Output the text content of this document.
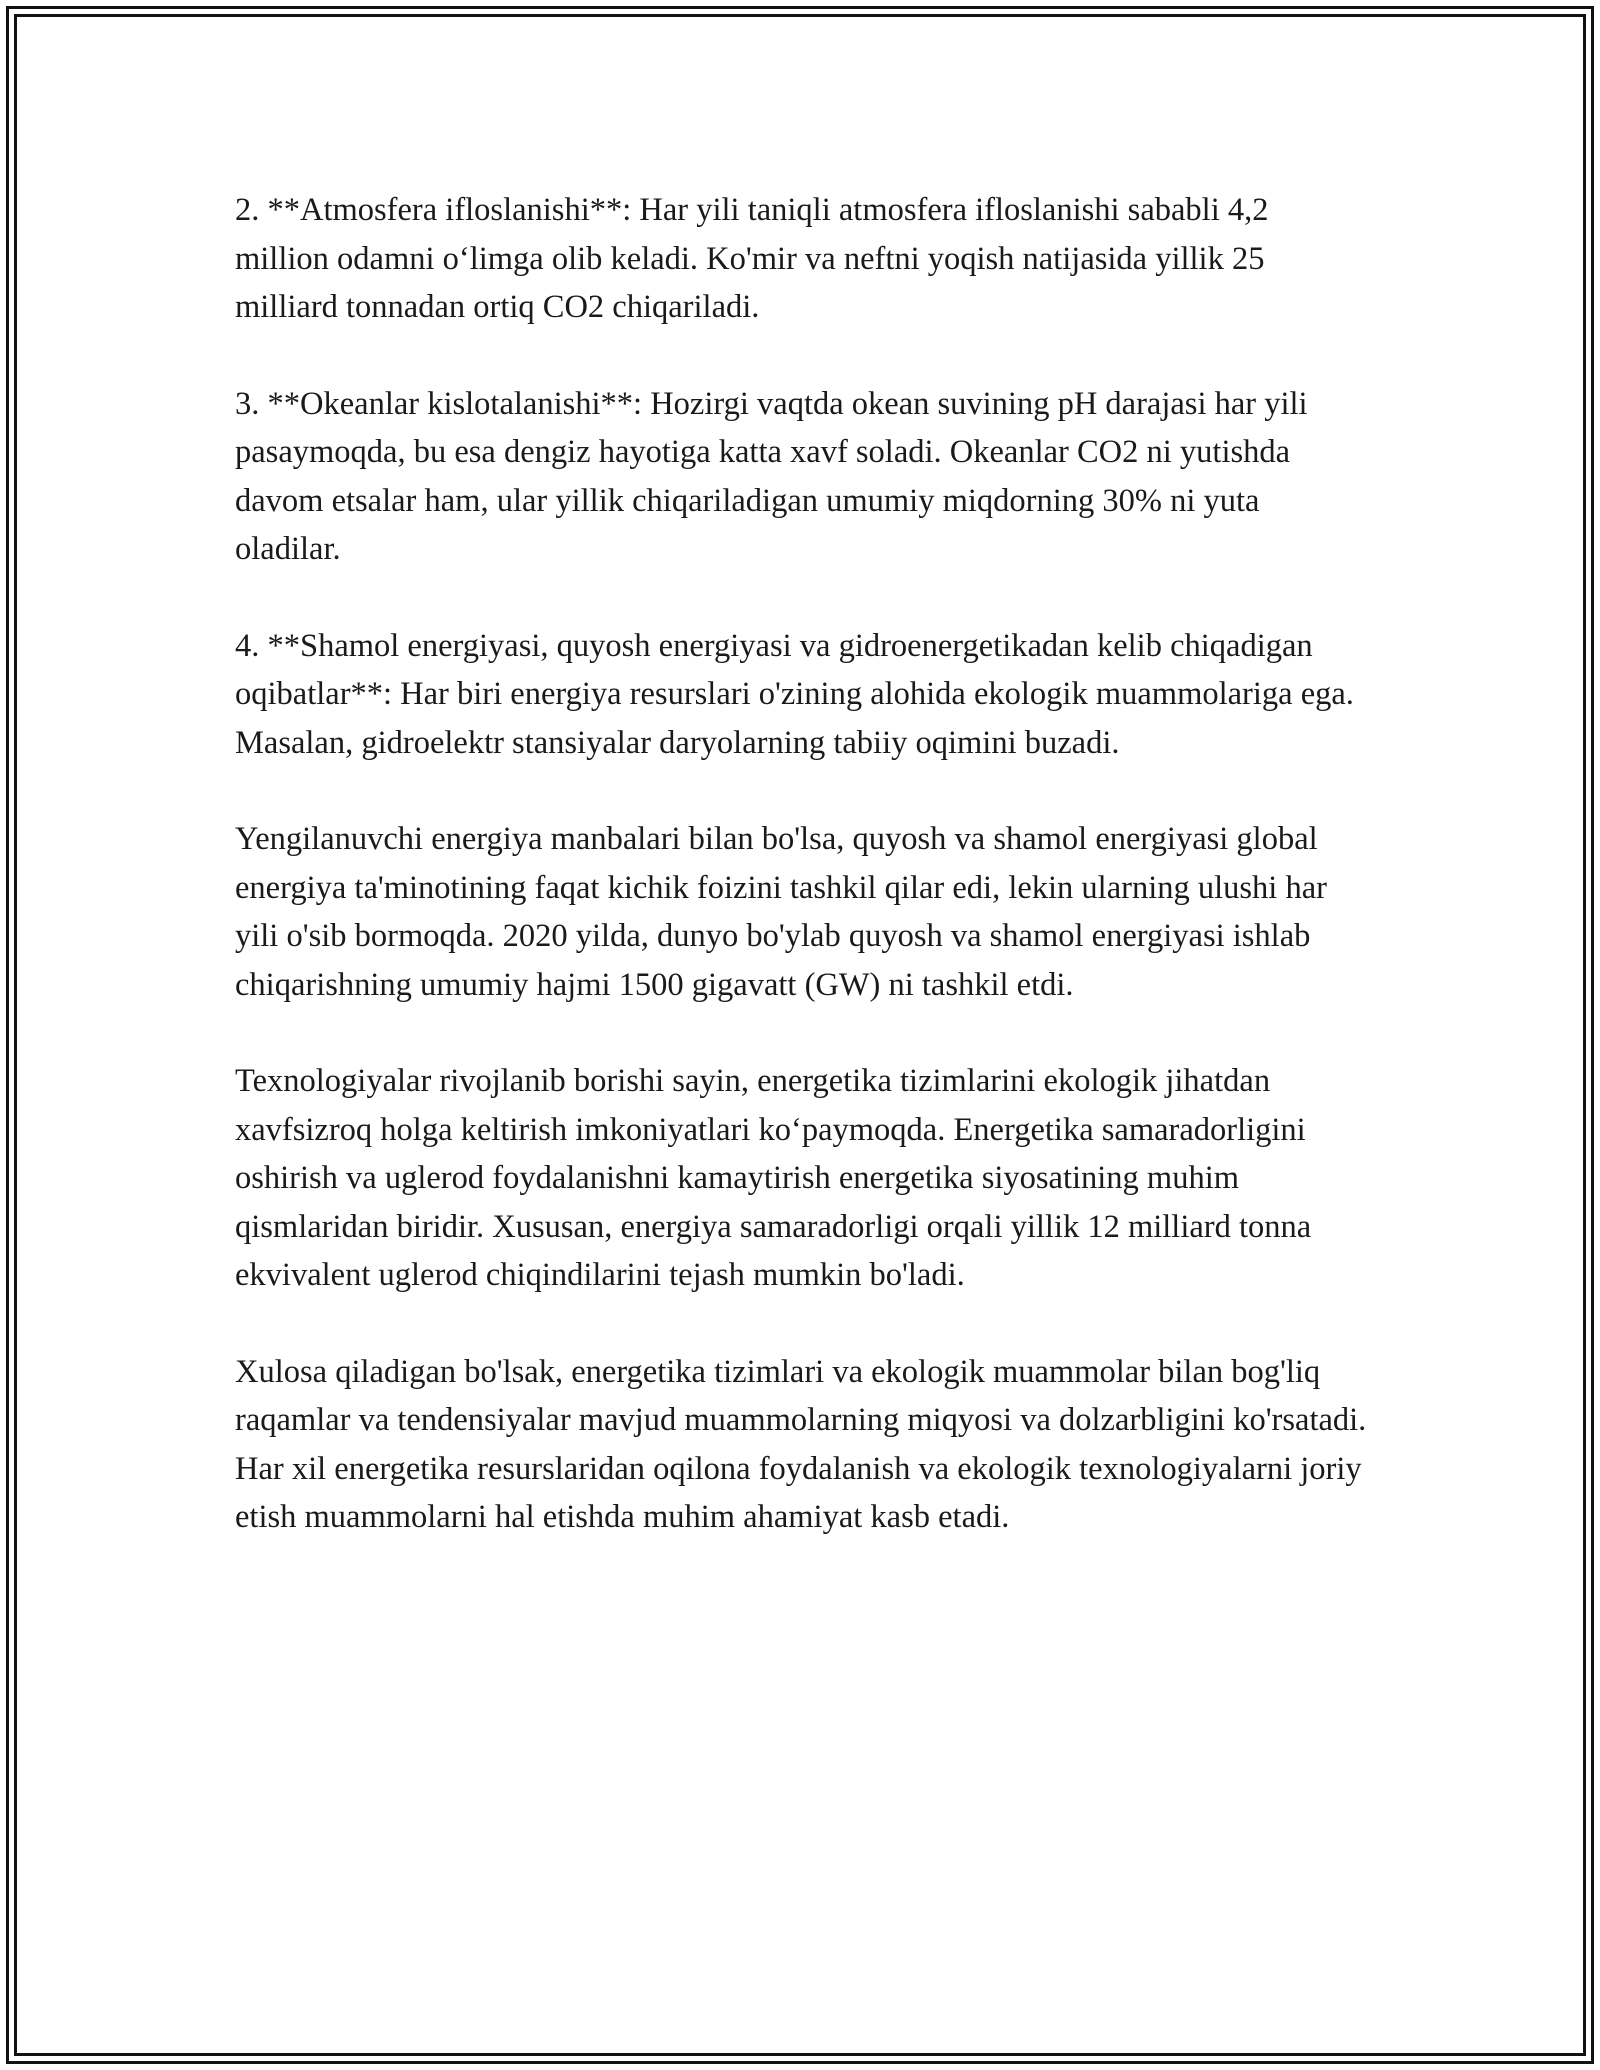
2. **Atmosfera ifloslanishi**: Har yili taniqli atmosfera ifloslanishi sababli 4,2 million odamni o‘limga olib keladi. Ko'mir va neftni yoqish natijasida yillik 25 milliard tonnadan ortiq CO2 chiqariladi.

3. **Okeanlar kislotalanishi**: Hozirgi vaqtda okean suvining pH darajasi har yili pasaymoqda, bu esa dengiz hayotiga katta xavf soladi. Okeanlar CO2 ni yutishda davom etsalar ham, ular yillik chiqariladigan umumiy miqdorning 30% ni yuta oladilar.

4. **Shamol energiyasi, quyosh energiyasi va gidroenergetikadan kelib chiqadigan oqibatlar**: Har biri energiya resurslari o'zining alohida ekologik muammolariga ega. Masalan, gidroelektr stansiyalar daryolarning tabiiy oqimini buzadi.

Yengilanuvchi energiya manbalari bilan bo'lsa, quyosh va shamol energiyasi global energiya ta'minotining faqat kichik foizini tashkil qilar edi, lekin ularning ulushi har yili o'sib bormoqda. 2020 yilda, dunyo bo'ylab quyosh va shamol energiyasi ishlab chiqarishning umumiy hajmi 1500 gigavatt (GW) ni tashkil etdi.

Texnologiyalar rivojlanib borishi sayin, energetika tizimlarini ekologik jihatdan xavfsizroq holga keltirish imkoniyatlari ko‘paymoqda. Energetika samaradorligini oshirish va uglerod foydalanishni kamaytirish energetika siyosatining muhim qismlaridan biridir. Xususan, energiya samaradorligi orqali yillik 12 milliard tonna ekvivalent uglerod chiqindilarini tejash mumkin bo'ladi.

Xulosa qiladigan bo'lsak, energetika tizimlari va ekologik muammolar bilan bog'liq raqamlar va tendensiyalar mavjud muammolarning miqyosi va dolzarbligini ko'rsatadi. Har xil energetika resurslaridan oqilona foydalanish va ekologik texnologiyalarni joriy etish muammolarni hal etishda muhim ahamiyat kasb etadi.
